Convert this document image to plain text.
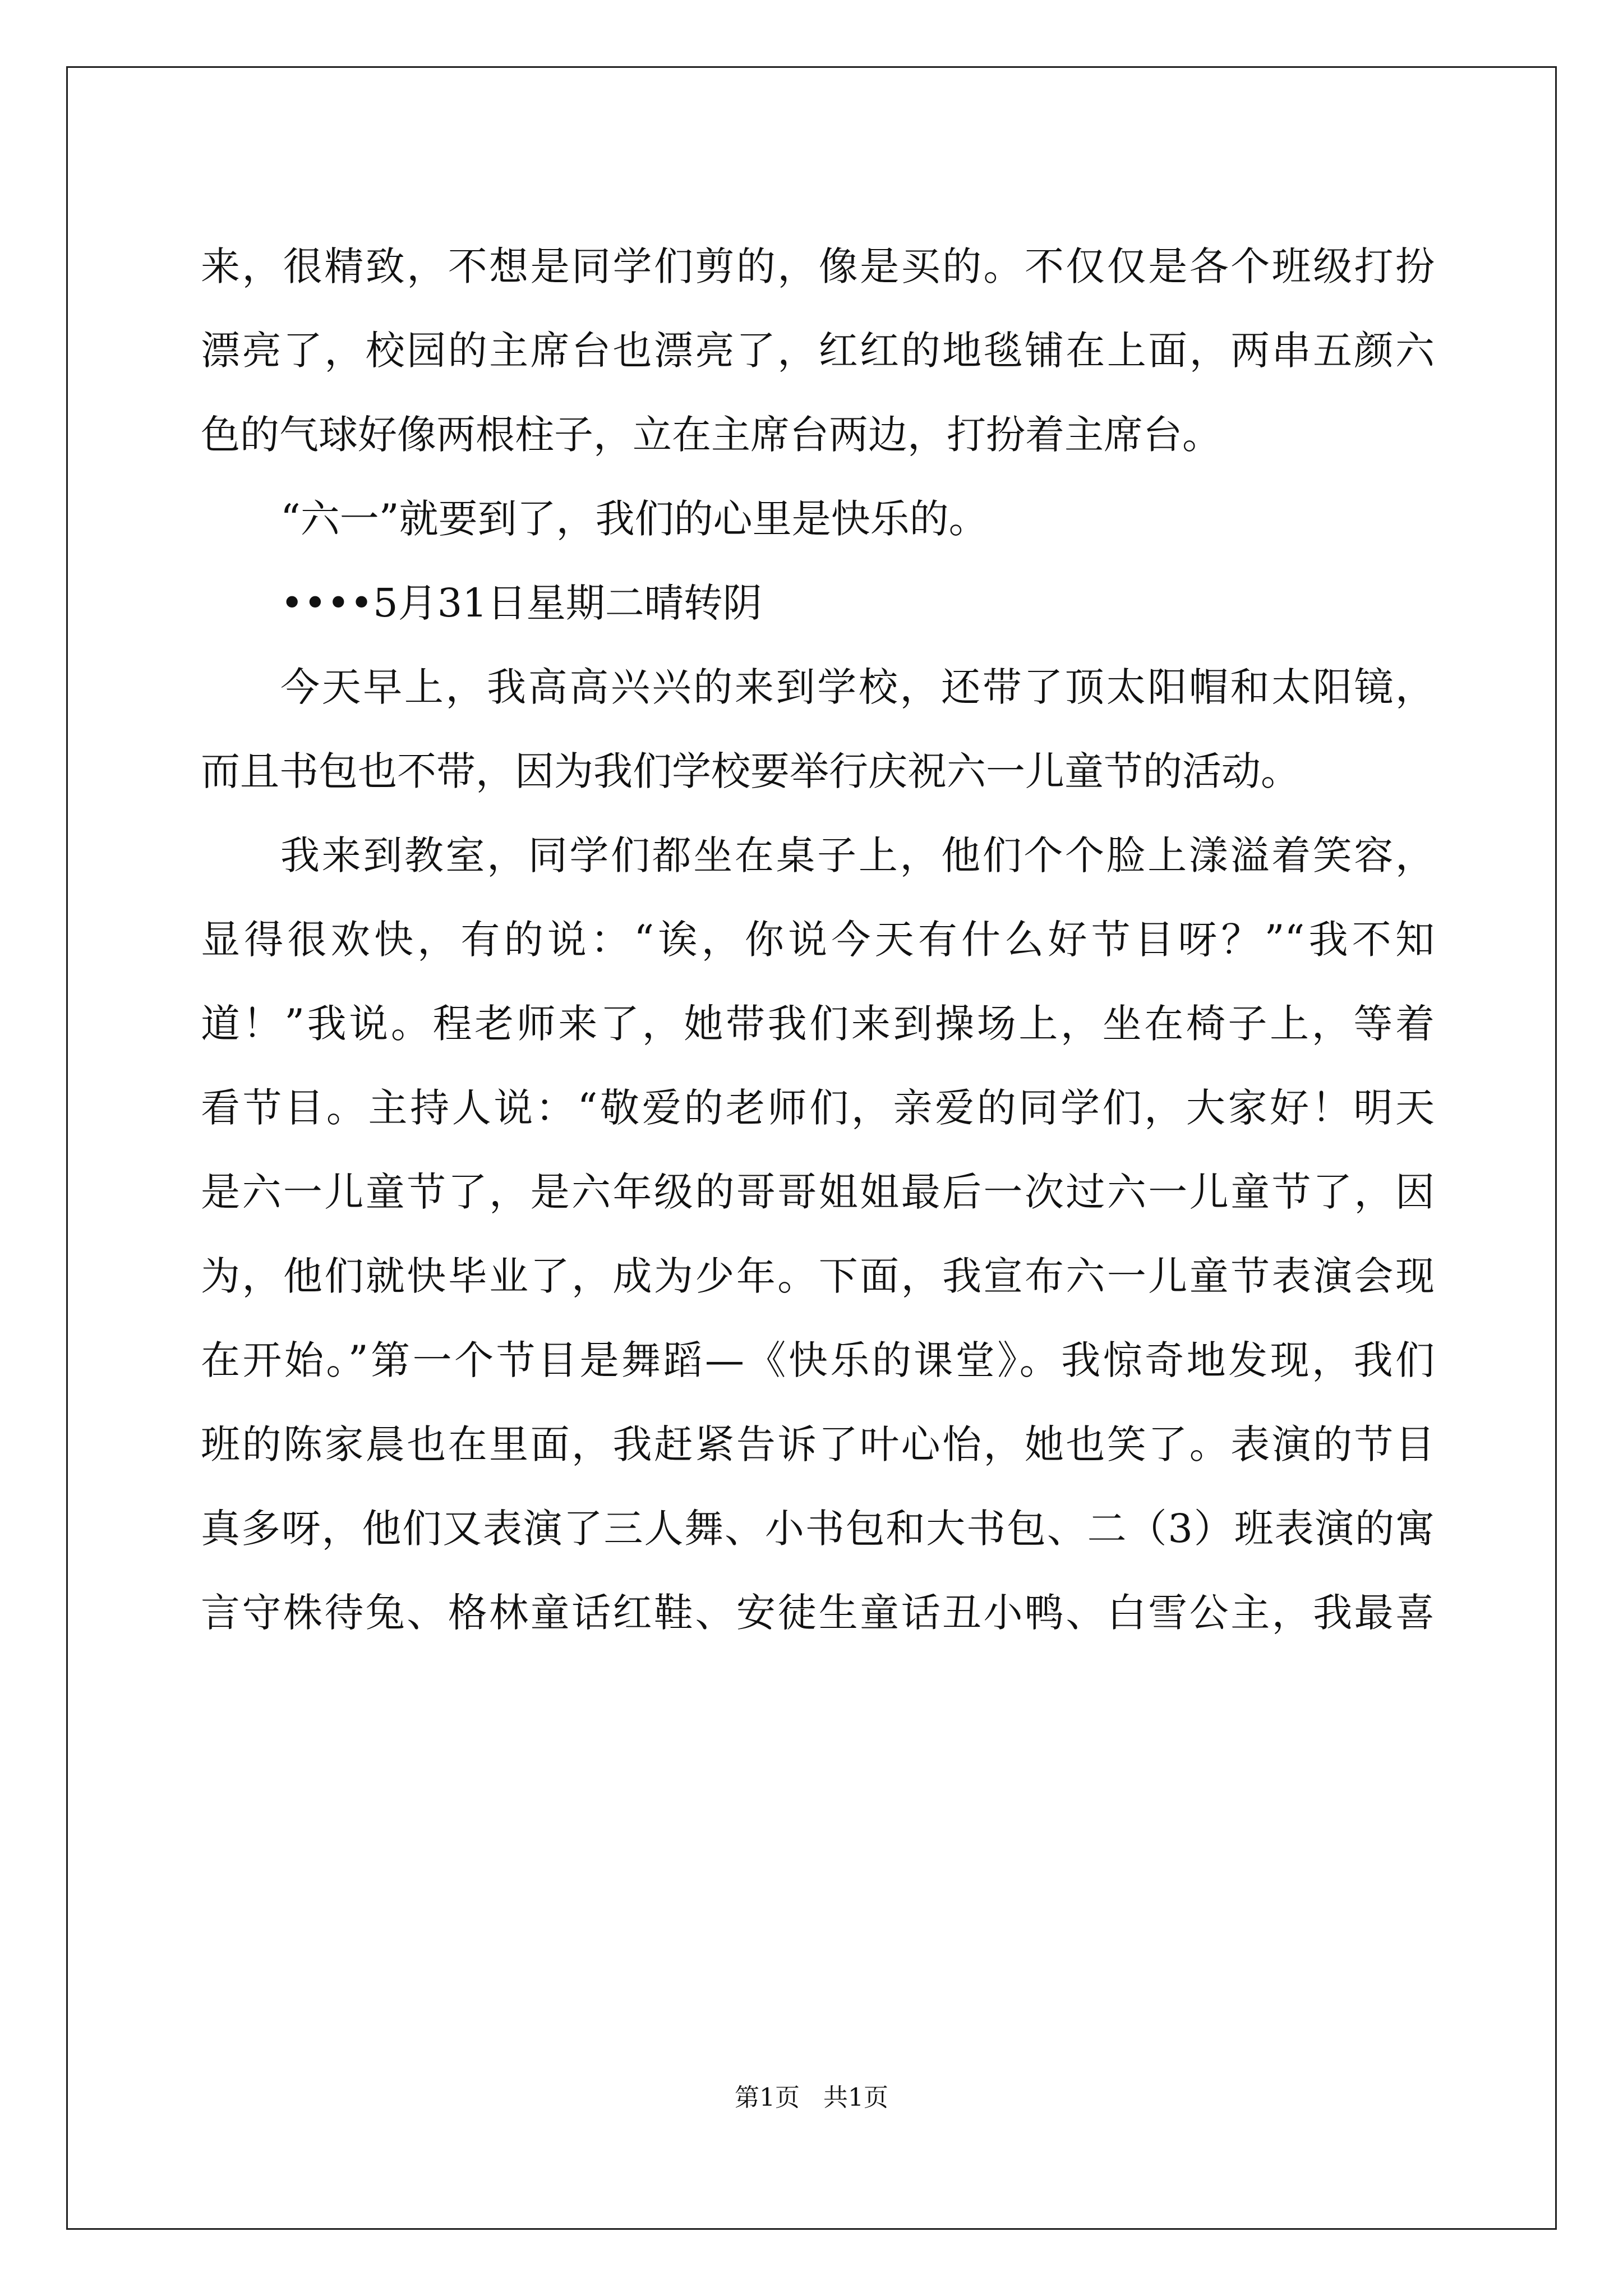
来，很精致，不想是同学们剪的，像是买的。不仅仅是各个班级打扮
漂亮了，校园的主席台也漂亮了，红红的地毯铺在上面，两串五颜六
色的气球好像两根柱子，立在主席台两边，打扮着主席台。
“六一”就要到了，我们的心里是快乐的。
••••5月31日星期二晴转阴
今天早上，我高高兴兴的来到学校，还带了顶太阳帽和太阳镜，
而且书包也不带，因为我们学校要举行庆祝六一儿童节的活动。
我来到教室，同学们都坐在桌子上，他们个个脸上漾溢着笑容，
显得很欢快，有的说：“诶，你说今天有什么好节目呀？”“我不知
道！”我说。程老师来了，她带我们来到操场上，坐在椅子上，等着
看节目。主持人说：“敬爱的老师们，亲爱的同学们，大家好！明天
是六一儿童节了，是六年级的哥哥姐姐最后一次过六一儿童节了，因
为，他们就快毕业了，成为少年。下面，我宣布六一儿童节表演会现
在开始。”第一个节目是舞蹈—《快乐的课堂》。我惊奇地发现，我们
班的陈家晨也在里面，我赶紧告诉了叶心怡，她也笑了。表演的节目
真多呀，他们又表演了三人舞、小书包和大书包、二（3）班表演的寓
言守株待兔、格林童话红鞋、安徒生童话丑小鸭、白雪公主，我最喜
第1页   共1页
